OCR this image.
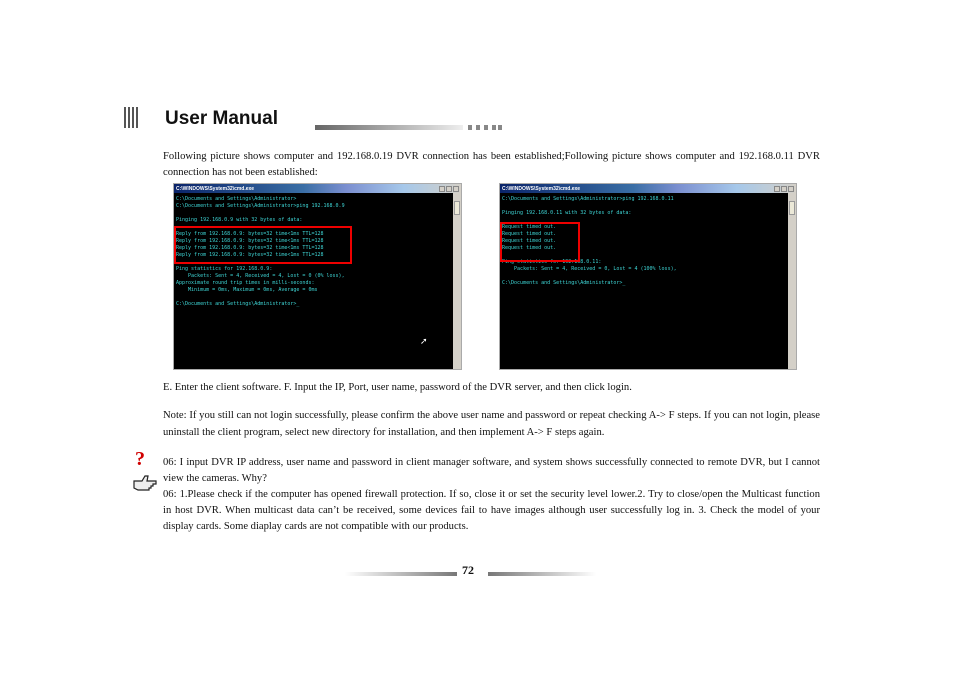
User Manual
Following picture shows computer and 192.168.0.19 DVR connection has been established;Following picture shows computer and 192.168.0.11 DVR connection has not been established:
C:\WINDOWS\System32\cmd.exe
C:\Documents and Settings\Administrator>
C:\Documents and Settings\Administrator>ping 192.168.0.9

Pinging 192.168.0.9 with 32 bytes of data:

Reply from 192.168.0.9: bytes=32 time<1ms TTL=128
Reply from 192.168.0.9: bytes=32 time<1ms TTL=128
Reply from 192.168.0.9: bytes=32 time<1ms TTL=128
Reply from 192.168.0.9: bytes=32 time<1ms TTL=128

Ping statistics for 192.168.0.9:
Packets: Sent = 4, Received = 4, Lost = 0 (0% loss),
Approximate round trip times in milli-seconds:
Minimum = 0ms, Maximum = 0ms, Average = 0ms

C:\Documents and Settings\Administrator>_
➚
C:\WINDOWS\System32\cmd.exe
C:\Documents and Settings\Administrator>ping 192.168.0.11

Pinging 192.168.0.11 with 32 bytes of data:

Request timed out.
Request timed out.
Request timed out.
Request timed out.

Ping statistics for 192.168.0.11:
Packets: Sent = 4, Received = 0, Lost = 4 (100% loss),

C:\Documents and Settings\Administrator>_
E. Enter the client software. F. Input the IP, Port, user name, password of the DVR server, and then click login.
Note: If you still can not login successfully, please confirm the above user name and password or repeat checking A-> F steps. If you can not login, please uninstall the client program, select new directory for installation, and then implement A-> F steps again.
? 06: I input DVR IP address, user name and password in client manager software, and system shows successfully connected to remote DVR, but I cannot view the cameras. Why?
06: 1.Please check if the computer has opened firewall protection. If so, close it or set the security level lower.2. Try to close/open the Multicast function in host DVR. When multicast data can’t be received, some devices fail to have images although user successfully log in. 3. Check the model of your display cards. Some diaplay cards are not compatible with our products.
72
